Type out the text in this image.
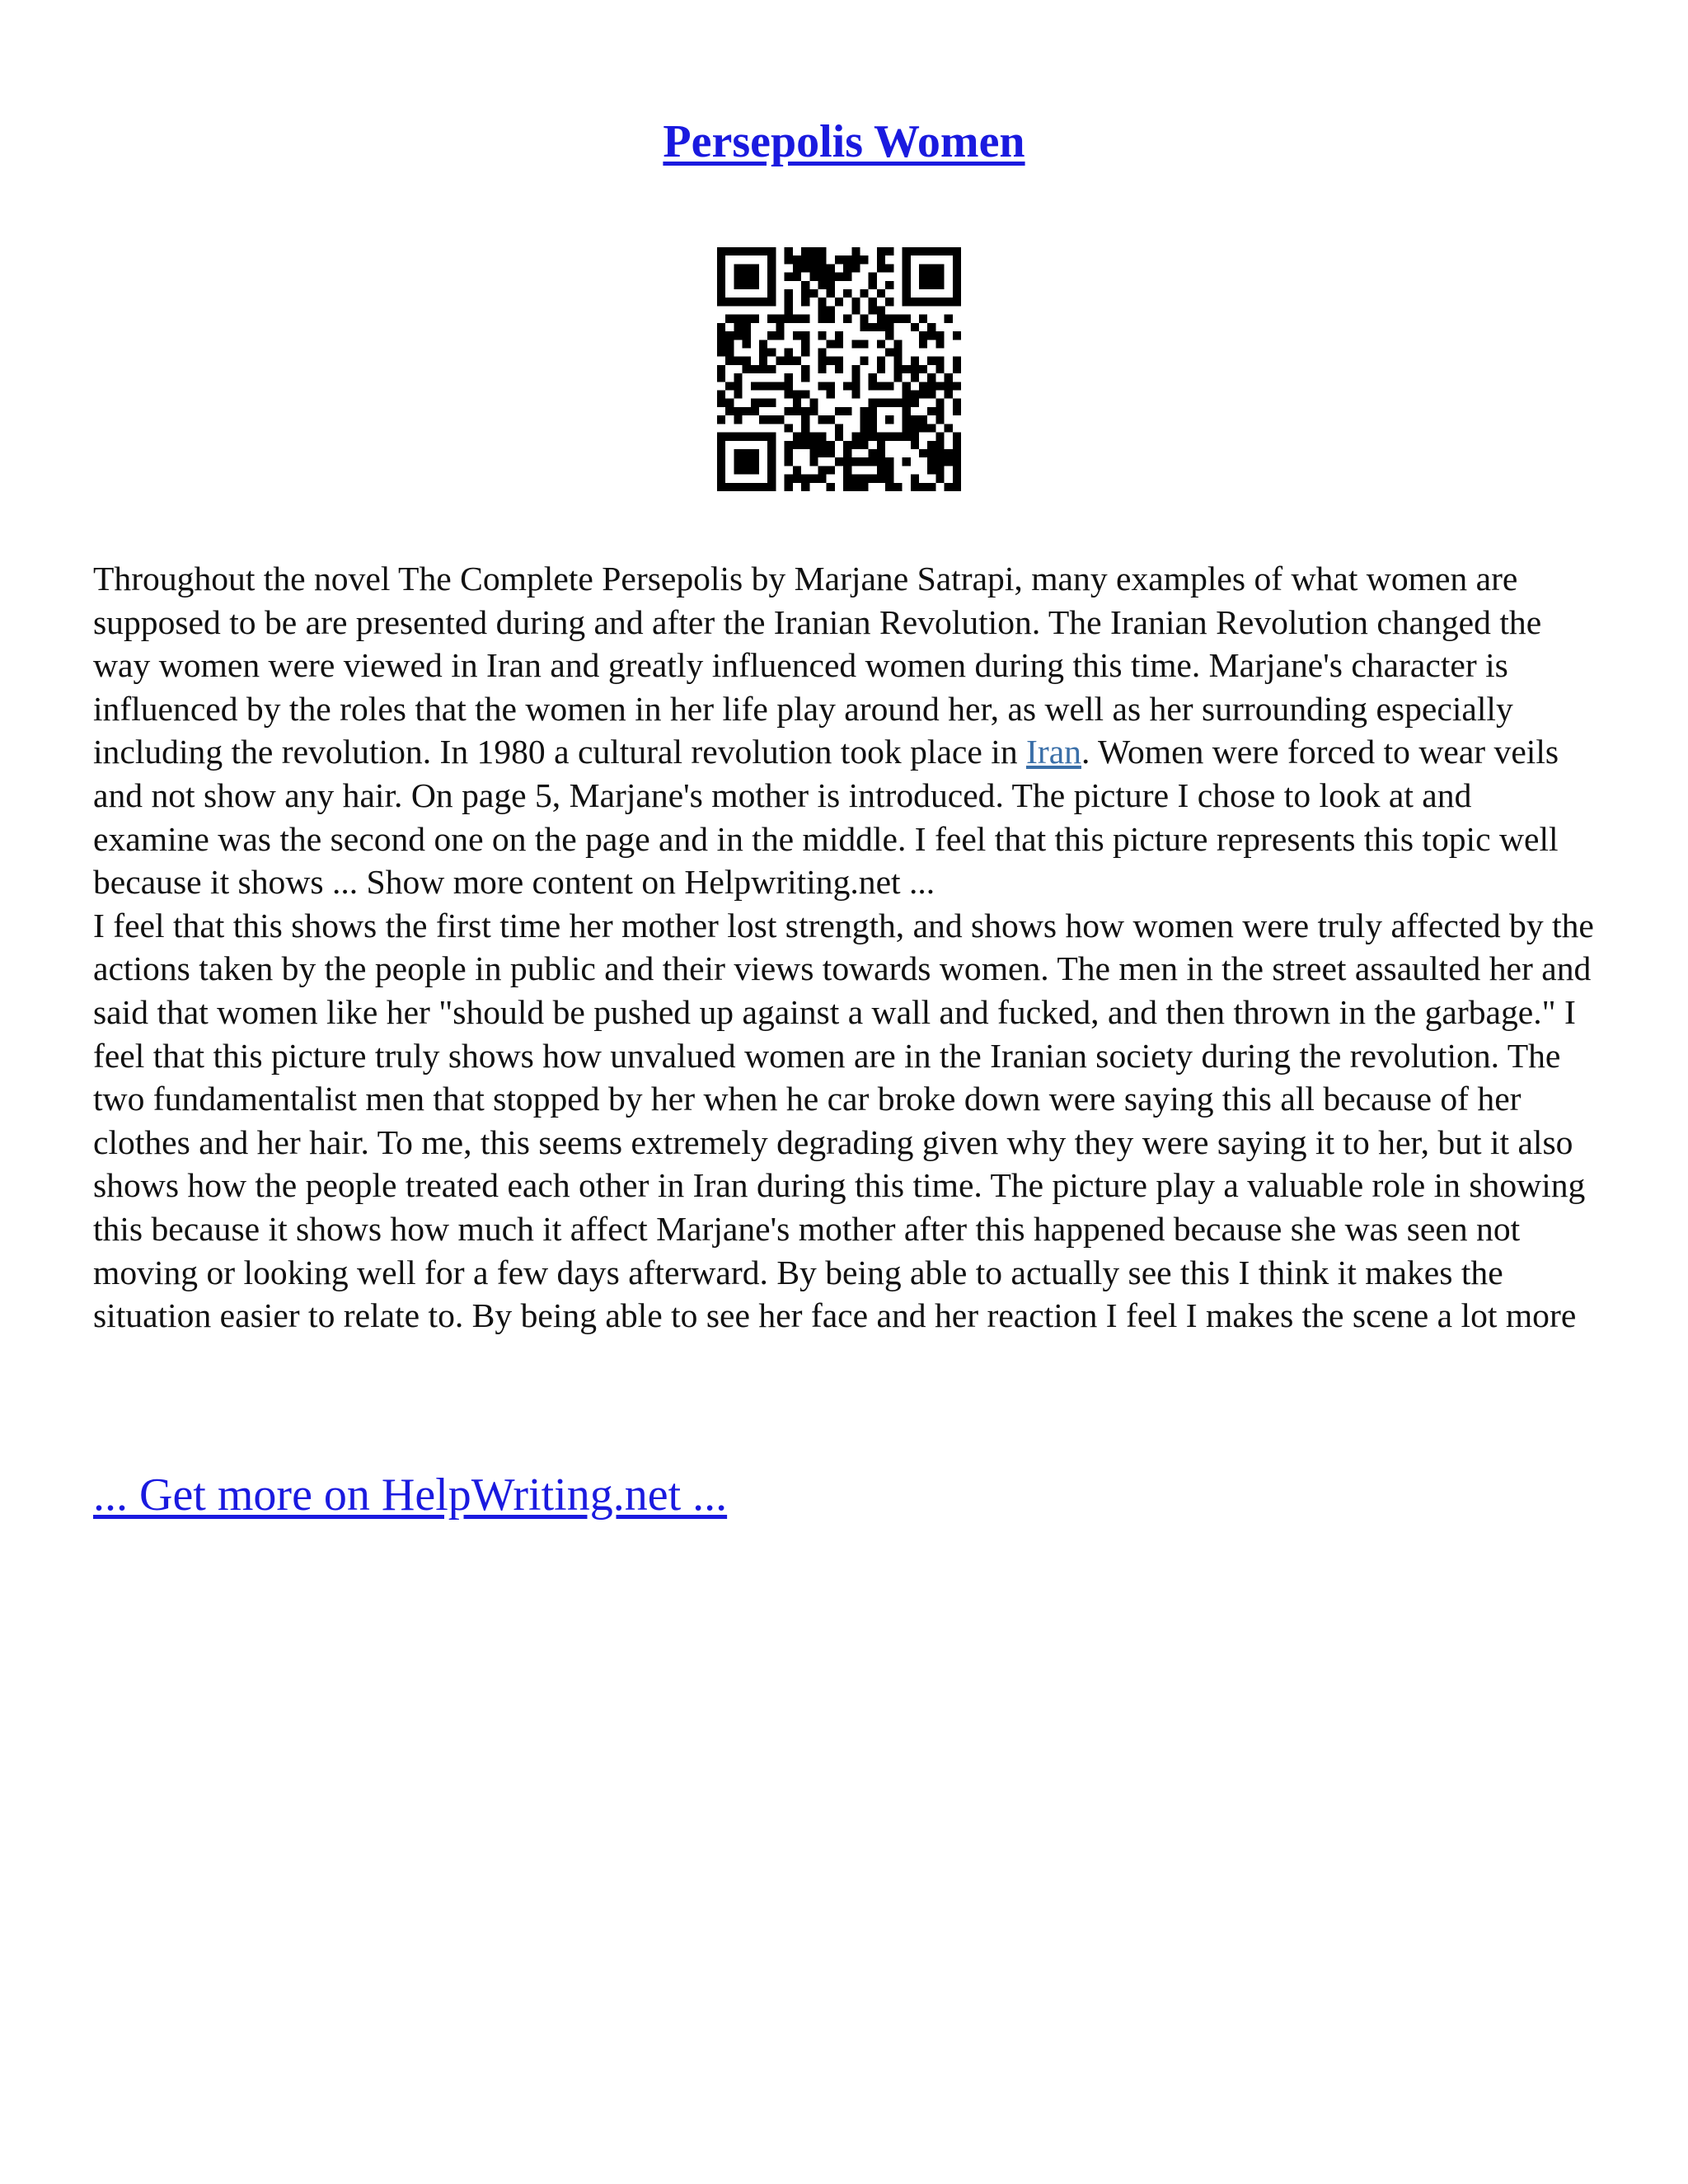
Persepolis Women

Throughout the novel The Complete Persepolis by Marjane Satrapi, many examples of what women are supposed to be are presented during and after the Iranian Revolution. The Iranian Revolution changed the way women were viewed in Iran and greatly influenced women during this time. Marjane's character is influenced by the roles that the women in her life play around her, as well as her surrounding especially including the revolution. In 1980 a cultural revolution took place in Iran. Women were forced to wear veils and not show any hair. On page 5, Marjane's mother is introduced. The picture I chose to look at and examine was the second one on the page and in the middle. I feel that this picture represents this topic well because it shows ... Show more content on Helpwriting.net ...

I feel that this shows the first time her mother lost strength, and shows how women were truly affected by the actions taken by the people in public and their views towards women. The men in the street assaulted her and said that women like her "should be pushed up against a wall and fucked, and then thrown in the garbage." I feel that this picture truly shows how unvalued women are in the Iranian society during the revolution. The two fundamentalist men that stopped by her when he car broke down were saying this all because of her clothes and her hair. To me, this seems extremely degrading given why they were saying it to her, but it also shows how the people treated each other in Iran during this time. The picture play a valuable role in showing this because it shows how much it affect Marjane's mother after this happened because she was seen not moving or looking well for a few days afterward. By being able to actually see this I think it makes the situation easier to relate to. By being able to see her face and her reaction I feel I makes the scene a lot more

... Get more on HelpWriting.net ...
